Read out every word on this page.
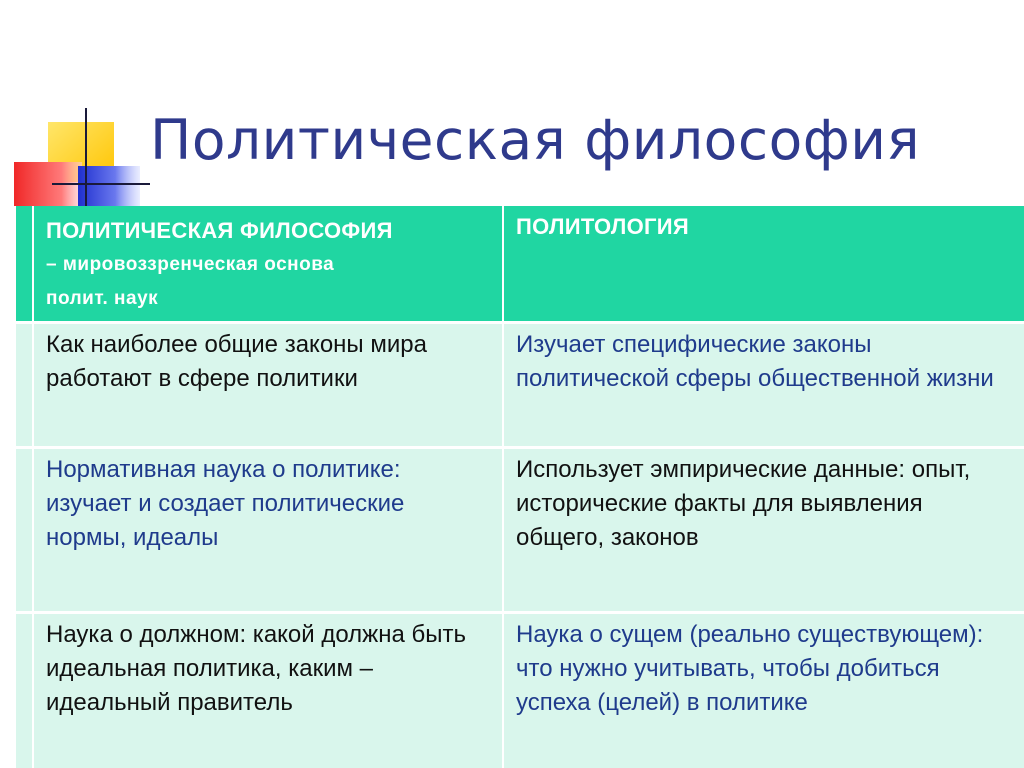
Политическая философия

	ПОЛИТИЧЕСКАЯ ФИЛОСОФИЯ
– мировоззренческая основа
полит. наук	ПОЛИТОЛОГИЯ

	Как наиболее общие законы мира работают в сфере политики	Изучает специфические законы политической сферы общественной жизни

	Нормативная наука о политике: изучает и создает политические нормы, идеалы	Использует эмпирические данные: опыт, исторические факты для выявления общего, законов

	Наука о должном: какой должна быть идеальная политика, каким – идеальный правитель	Наука о сущем (реально существующем): что нужно учитывать, чтобы добиться успеха (целей) в политике
